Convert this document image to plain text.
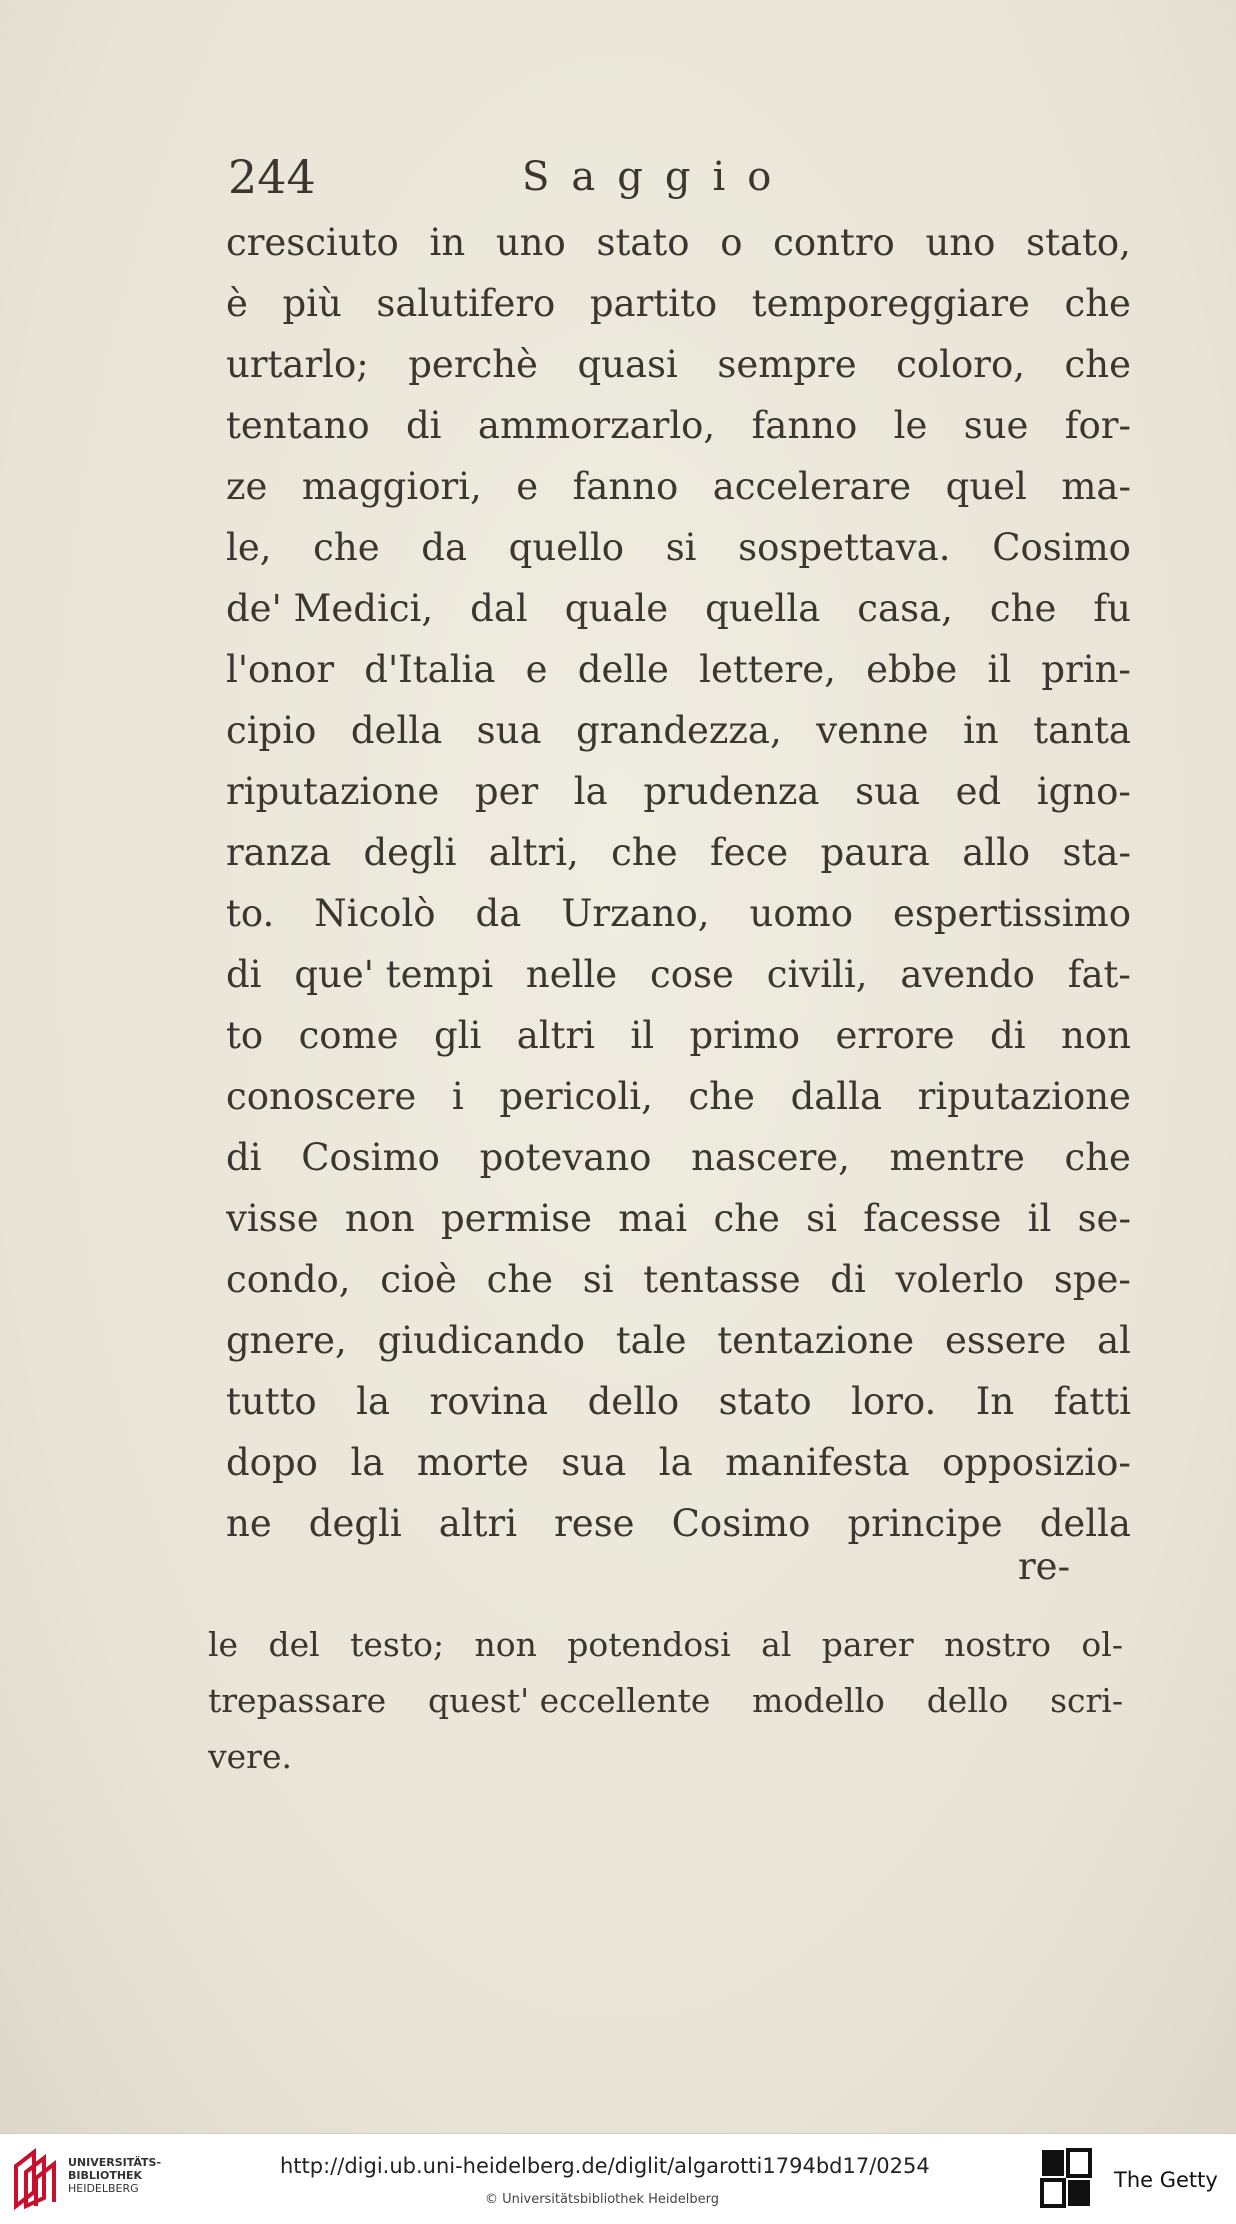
244	Saggio
cresciuto in uno stato o contro uno stato,
è più salutifero partito temporeggiare che
urtarlo; perchè quasi sempre coloro, che
tentano di ammorzarlo, fanno le sue for-
ze maggiori, e fanno accelerare quel ma-
le, che da quello si sospettava. Cosimo
de' Medici, dal quale quella casa, che fu
l'onor d'Italia e delle lettere, ebbe il prin-
cipio della sua grandezza, venne in tanta
riputazione per la prudenza sua ed igno-
ranza degli altri, che fece paura allo sta-
to. Nicolò da Urzano, uomo espertissimo
di que' tempi nelle cose civili, avendo fat-
to come gli altri il primo errore di non
conoscere i pericoli, che dalla riputazione
di Cosimo potevano nascere, mentre che
visse non permise mai che si facesse il se-
condo, cioè che si tentasse di volerlo spe-
gnere, giudicando tale tentazione essere al
tutto la rovina dello stato loro. In fatti
dopo la morte sua la manifesta opposizio-
ne degli altri rese Cosimo principe della
re-
le del testo; non potendosi al parer nostro ol-
trepassare quest' eccellente modello dello scri-
vere.
UNIVERSITÄTS-
BIBLIOTHEK
HEIDELBERG
http://digi.ub.uni-heidelberg.de/diglit/algarotti1794bd17/0254
© Universitätsbibliothek Heidelberg
The Getty
